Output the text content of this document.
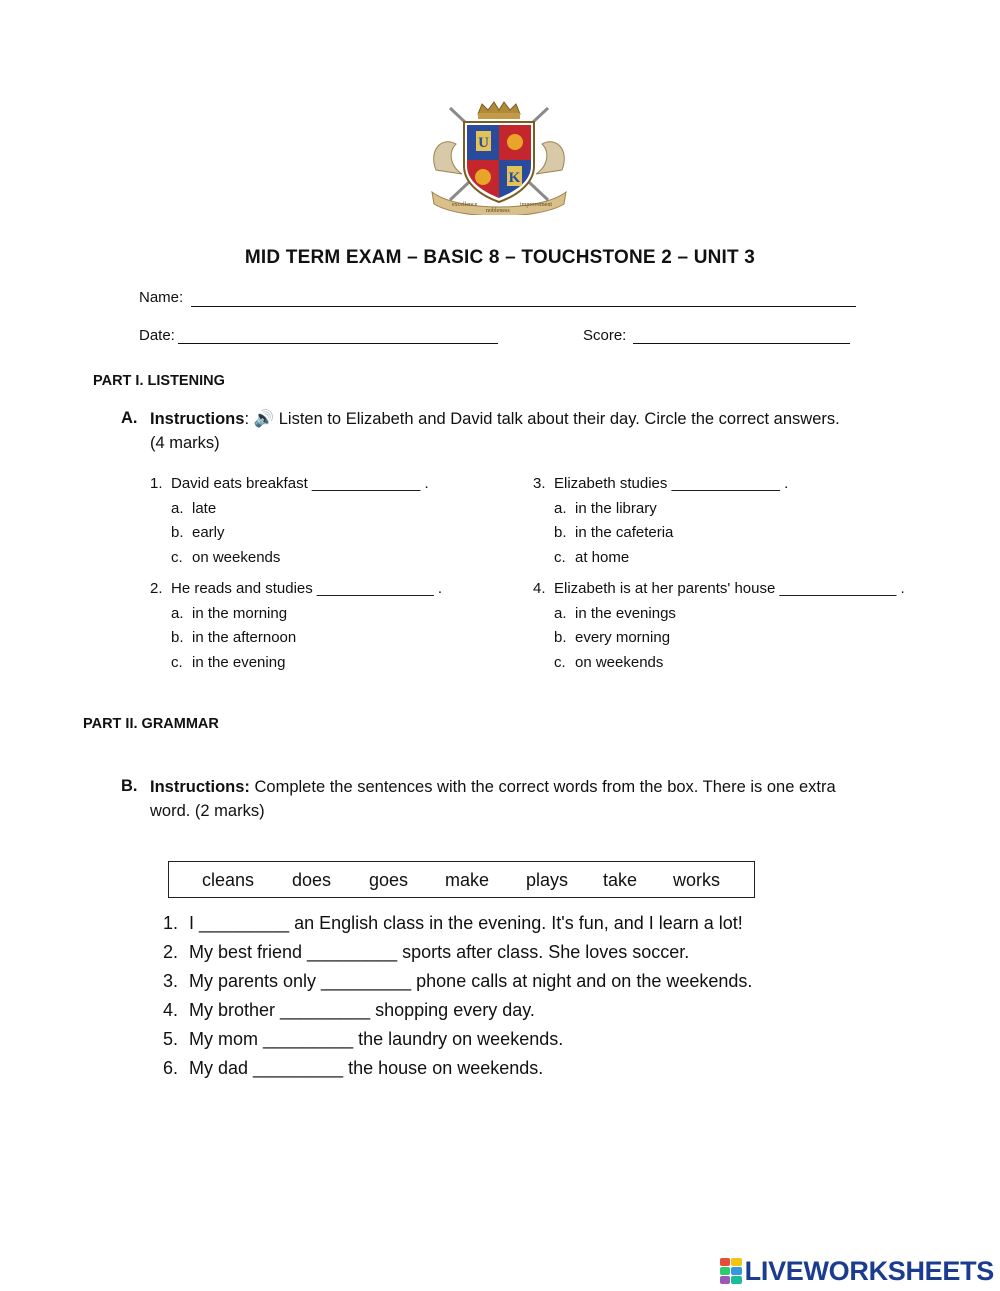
U
K
excellence
nobleness
improvement
MID TERM EXAM – BASIC 8 – TOUCHSTONE 2 – UNIT 3
Name:
Date:	Score:
PART I. LISTENING
A. Instructions: 🔊 Listen to Elizabeth and David talk about their day. Circle the correct answers.
(4 marks)
1. David eats breakfast _____________ .
a. late
b. early
c. on weekends
2. He reads and studies ______________ .
a. in the morning
b. in the afternoon
c. in the evening
3. Elizabeth studies _____________ .
a. in the library
b. in the cafeteria
c. at home
4. Elizabeth is at her parents' house ______________ .
a. in the evenings
b. every morning
c. on weekends
PART II. GRAMMAR
B. Instructions: Complete the sentences with the correct words from the box. There is one extra
word. (2 marks)
cleans does goes make plays take works
1. I _________ an English class in the evening. It's fun, and I learn a lot!
2. My best friend _________ sports after class. She loves soccer.
3. My parents only _________ phone calls at night and on the weekends.
4. My brother _________ shopping every day.
5. My mom _________ the laundry on weekends.
6. My dad _________ the house on weekends.
LIVEWORKSHEETS
